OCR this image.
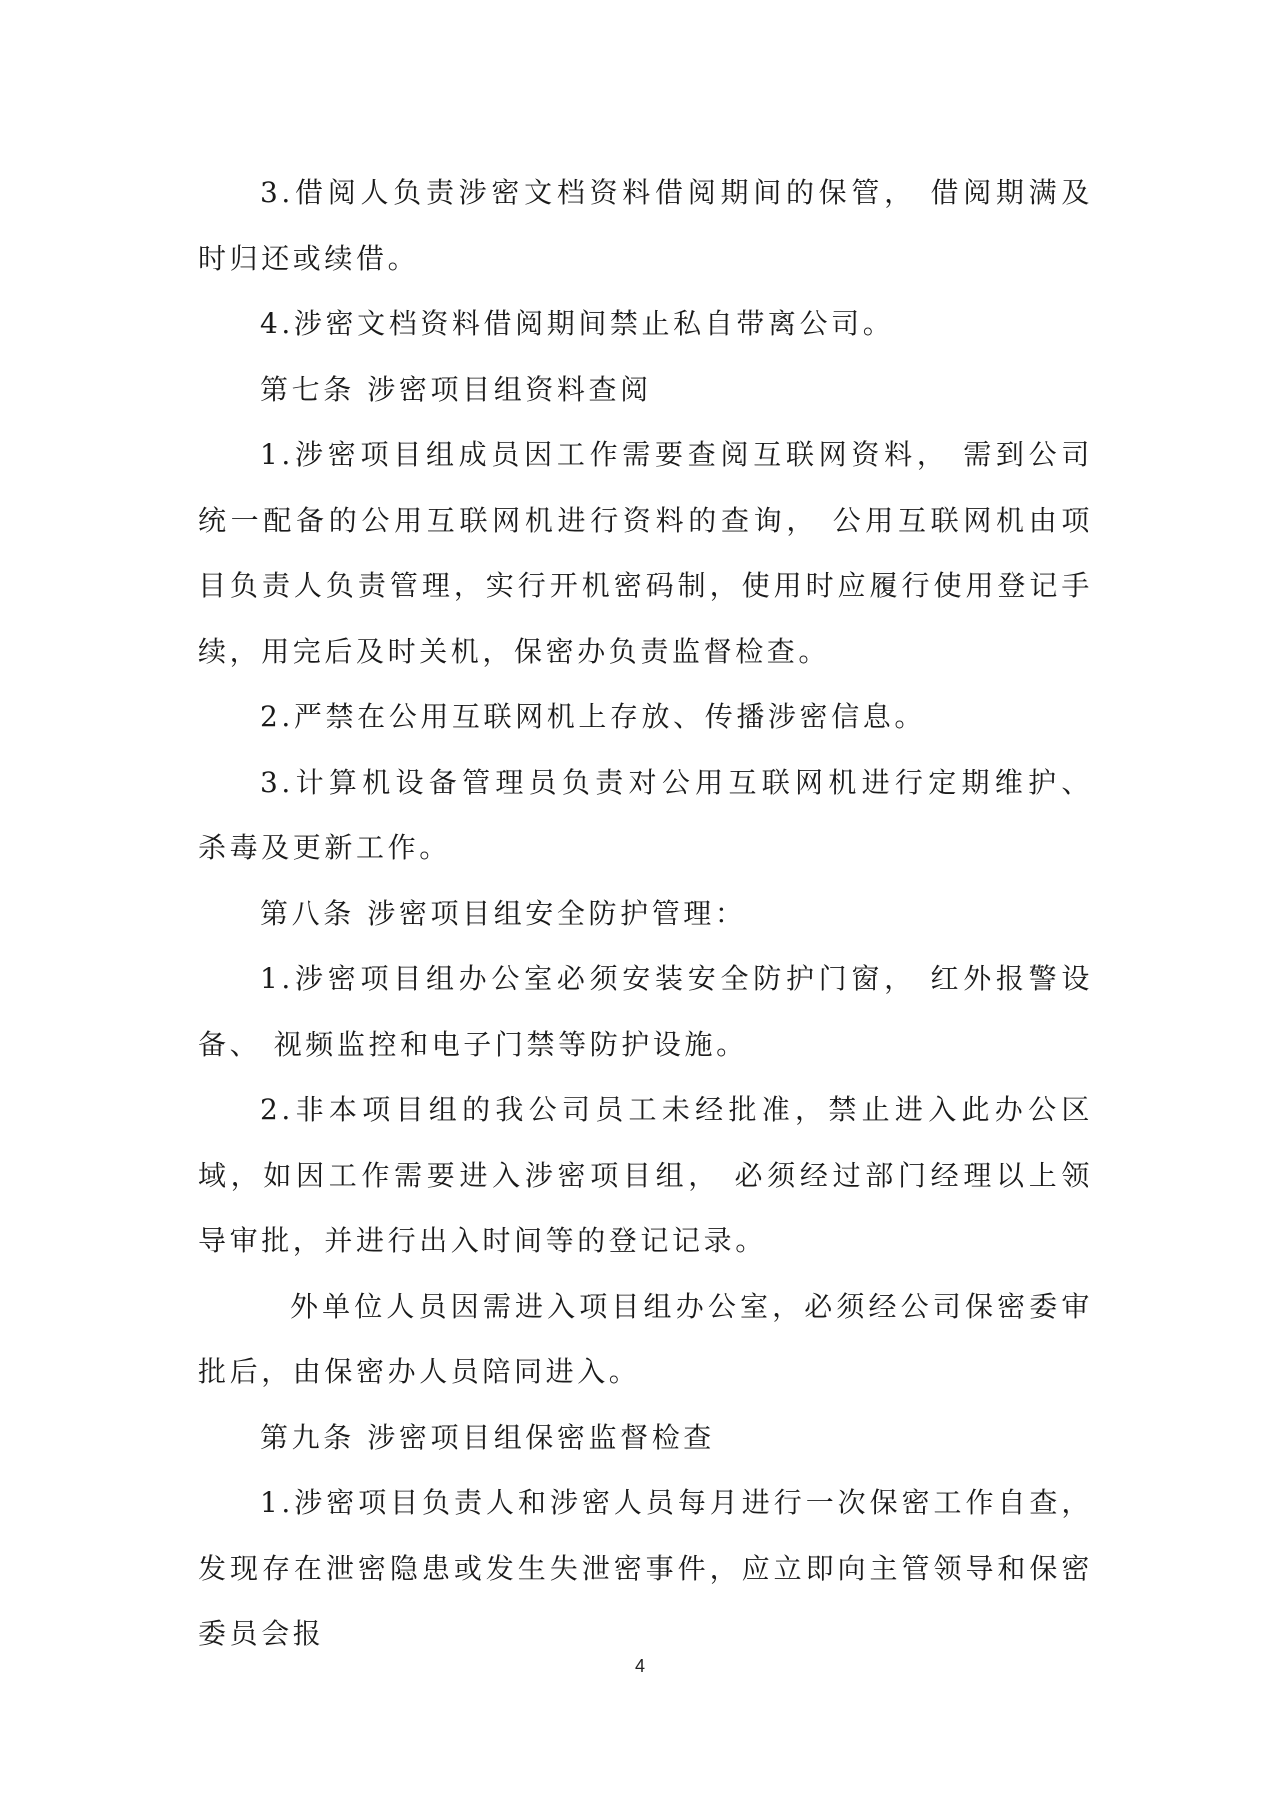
3.借阅人负责涉密文档资料借阅期间的保管， 借阅期满及时归还或续借。

4.涉密文档资料借阅期间禁止私自带离公司。

第七条 涉密项目组资料查阅

1.涉密项目组成员因工作需要查阅互联网资料， 需到公司统一配备的公用互联网机进行资料的查询， 公用互联网机由项目负责人负责管理，实行开机密码制，使用时应履行使用登记手续，用完后及时关机，保密办负责监督检查。

2.严禁在公用互联网机上存放、传播涉密信息。

3.计算机设备管理员负责对公用互联网机进行定期维护、 杀毒及更新工作。

第八条 涉密项目组安全防护管理：

1.涉密项目组办公室必须安装安全防护门窗， 红外报警设备、 视频监控和电子门禁等防护设施。

2.非本项目组的我公司员工未经批准，禁止进入此办公区域，如因工作需要进入涉密项目组， 必须经过部门经理以上领导审批，并进行出入时间等的登记记录。

外单位人员因需进入项目组办公室，必须经公司保密委审批后，由保密办人员陪同进入。

第九条 涉密项目组保密监督检查

1.涉密项目负责人和涉密人员每月进行一次保密工作自查， 发现存在泄密隐患或发生失泄密事件，应立即向主管领导和保密委员会报

4
